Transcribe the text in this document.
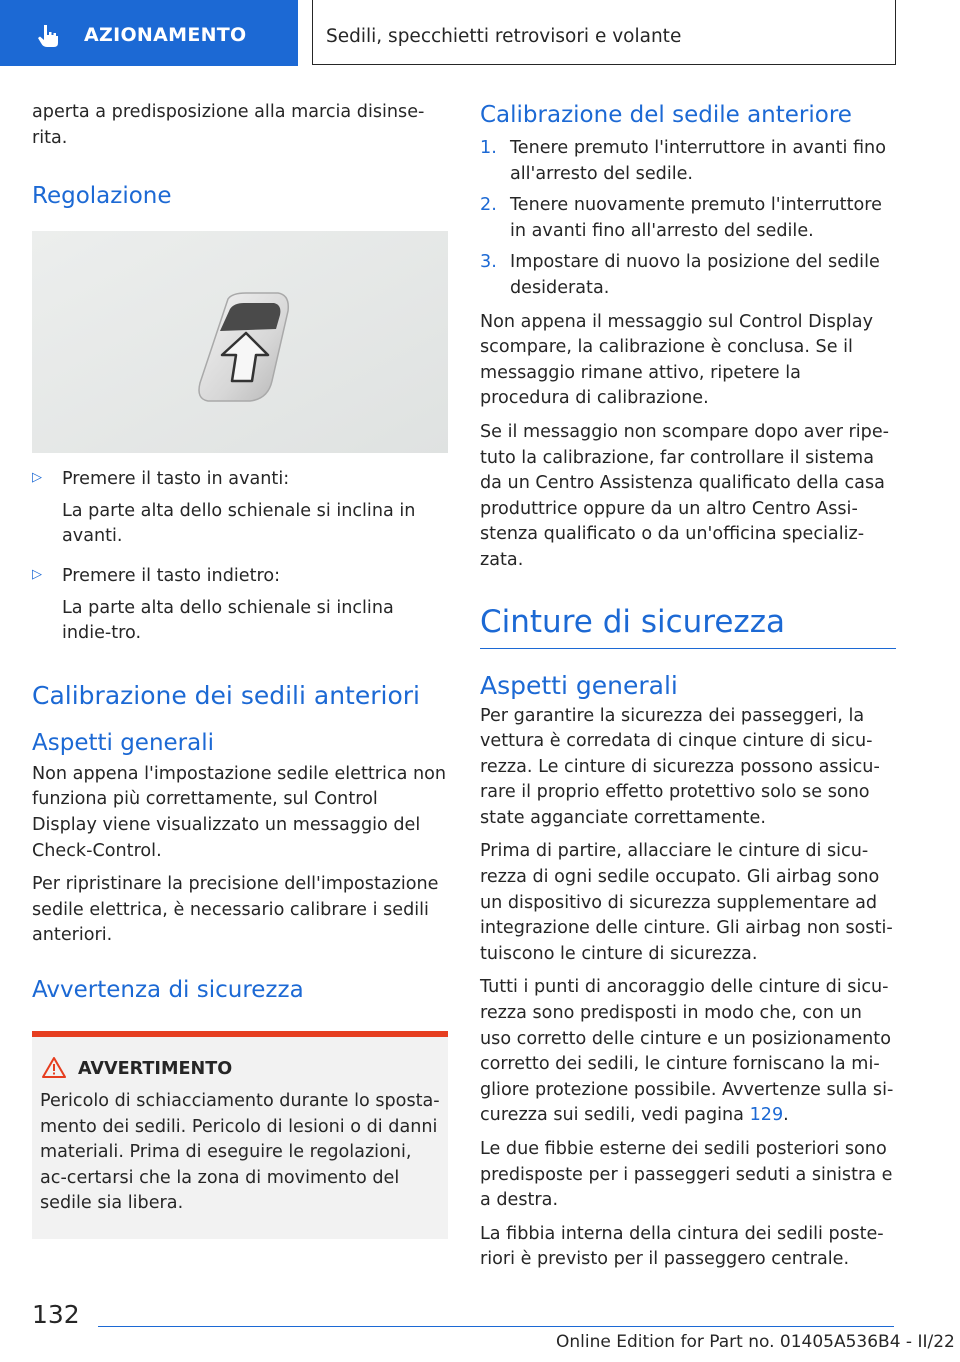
AZIONAMENTO	Sedili, specchietti retrovisori e volante

aperta a predisposizione alla marcia disinse-rita.

Regolazione
▷ Premere il tasto in avanti:

La parte alta dello schienale si inclina in avanti.

▷ Premere il tasto indietro:

La parte alta dello schienale si inclina indie-tro.

Calibrazione dei sedili anteriori
Aspetti generali

Non appena l'impostazione sedile elettrica non funziona più correttamente, sul Control Display viene visualizzato un messaggio del Check-Control.

Per ripristinare la precisione dell'impostazione sedile elettrica, è necessario calibrare i sedili anteriori.

Avvertenza di sicurezza
AVVERTIMENTO

Pericolo di schiacciamento durante lo sposta-mento dei sedili. Pericolo di lesioni o di danni materiali. Prima di eseguire le regolazioni, ac-certarsi che la zona di movimento del sedile sia libera.

Calibrazione del sedile anteriore
1. Tenere premuto l'interruttore in avanti fino all'arresto del sedile.

2. Tenere nuovamente premuto l'interruttore in avanti fino all'arresto del sedile.

3. Impostare di nuovo la posizione del sedile desiderata.

Non appena il messaggio sul Control Display scompare, la calibrazione è conclusa. Se il messaggio rimane attivo, ripetere la procedura di calibrazione.

Se il messaggio non scompare dopo aver ripe-tuto la calibrazione, far controllare il sistema da un Centro Assistenza qualificato della casa produttrice oppure da un altro Centro Assi-stenza qualificato o da un'officina specializ-zata.

Cinture di sicurezza
Aspetti generali

Per garantire la sicurezza dei passeggeri, la vettura è corredata di cinque cinture di sicu-rezza. Le cinture di sicurezza possono assicu-rare il proprio effetto protettivo solo se sono state agganciate correttamente.

Prima di partire, allacciare le cinture di sicu-rezza di ogni sedile occupato. Gli airbag sono un dispositivo di sicurezza supplementare ad integrazione delle cinture. Gli airbag non sosti-tuiscono le cinture di sicurezza.

Tutti i punti di ancoraggio delle cinture di sicu-rezza sono predisposti in modo che, con un uso corretto delle cinture e un posizionamento corretto dei sedili, le cinture forniscano la mi-gliore protezione possibile. Avvertenze sulla si-curezza sui sedili, vedi pagina 129.

Le due fibbie esterne dei sedili posteriori sono predisposte per i passeggeri seduti a sinistra e a destra.

La fibbia interna della cintura dei sedili poste-riori è previsto per il passeggero centrale.

132
Online Edition for Part no. 01405A536B4 - II/22
